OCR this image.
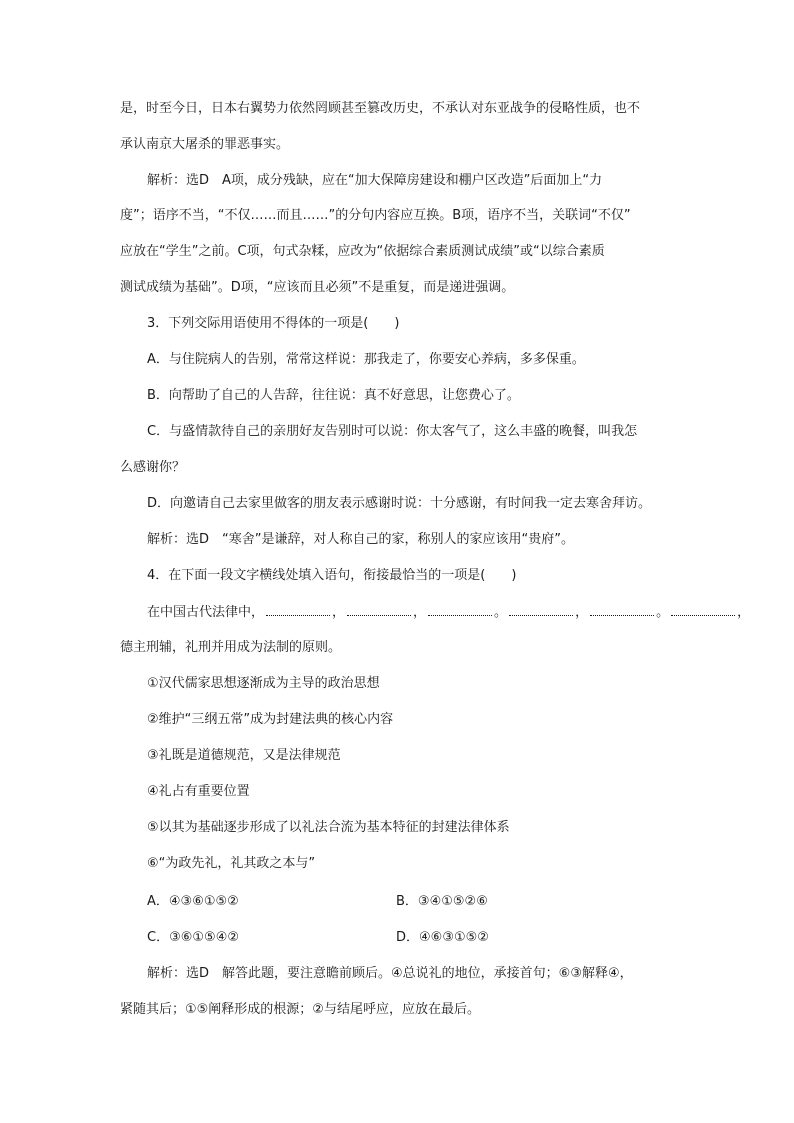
是，时至今日，日本右翼势力依然罔顾甚至篡改历史，不承认对东亚战争的侵略性质，也不
承认南京大屠杀的罪恶事实。
解析：选D　A项，成分残缺，应在“加大保障房建设和棚户区改造”后面加上“力
度”；语序不当，“不仅……而且……”的分句内容应互换。B项，语序不当，关联词“不仅”
应放在“学生”之前。C项，句式杂糅，应改为“依据综合素质测试成绩”或“以综合素质
测试成绩为基础”。D项，“应该而且必须”不是重复，而是递进强调。
3．下列交际用语使用不得体的一项是(　　)
A．与住院病人的告别，常常这样说：那我走了，你要安心养病，多多保重。
B．向帮助了自己的人告辞，往往说：真不好意思，让您费心了。
C．与盛情款待自己的亲朋好友告别时可以说：你太客气了，这么丰盛的晚餐，叫我怎
么感谢你？
D．向邀请自己去家里做客的朋友表示感谢时说：十分感谢，有时间我一定去寒舍拜访。
解析：选D　“寒舍”是谦辞，对人称自己的家，称别人的家应该用“贵府”。
4．在下面一段文字横线处填入语句，衔接最恰当的一项是(　　)
在中国古代法律中，	，	，	。	，	。	，
德主刑辅，礼刑并用成为法制的原则。
①汉代儒家思想逐渐成为主导的政治思想
②维护“三纲五常”成为封建法典的核心内容
③礼既是道德规范，又是法律规范
④礼占有重要位置
⑤以其为基础逐步形成了以礼法合流为基本特征的封建法律体系
⑥“为政先礼，礼其政之本与”
A．④③⑥①⑤②	B．③④①⑤②⑥
C．③⑥①⑤④②	D．④⑥③①⑤②
解析：选D　解答此题，要注意瞻前顾后。④总说礼的地位，承接首句；⑥③解释④，
紧随其后；①⑤阐释形成的根源；②与结尾呼应，应放在最后。
